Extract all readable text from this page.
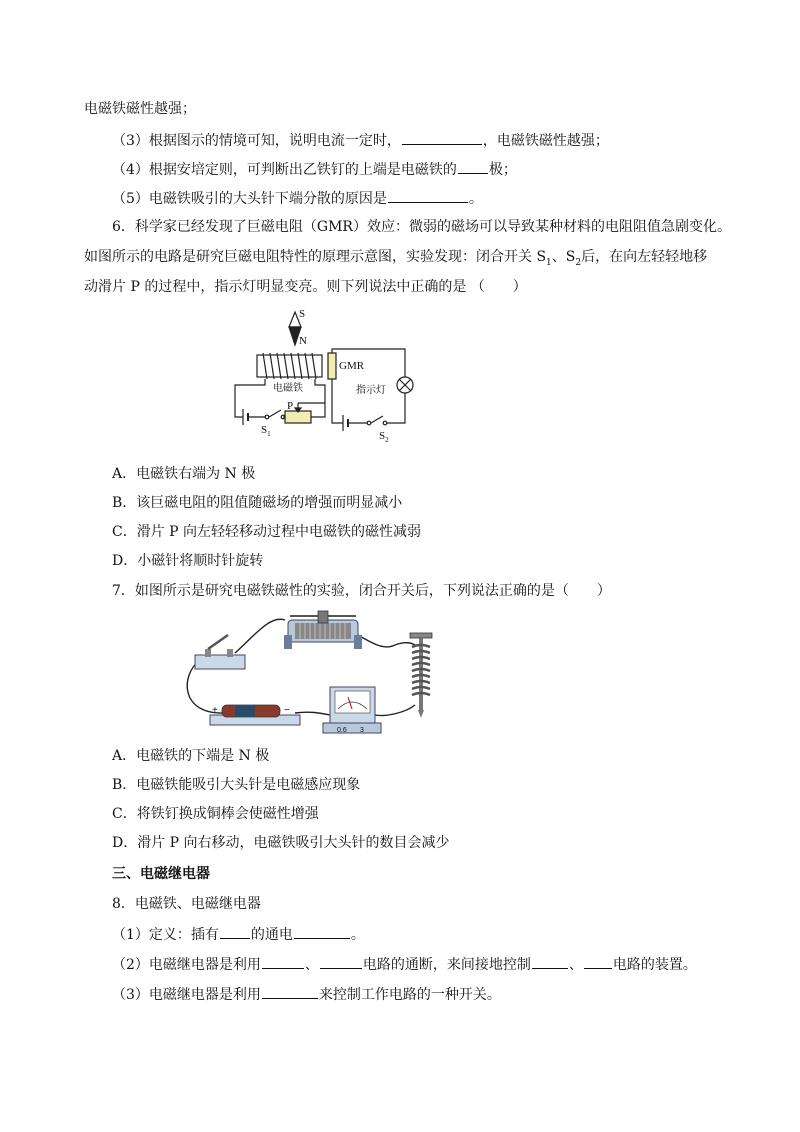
电磁铁磁性越强；
（3）根据图示的情境可知，说明电流一定时，	，电磁铁磁性越强；
（4）根据安培定则，可判断出乙铁钉的上端是电磁铁的 极；
（5）电磁铁吸引的大头针下端分散的原因是	。
6．科学家已经发现了巨磁电阻（GMR）效应：微弱的磁场可以导致某种材料的电阻阻值急剧变化。
如图所示的电路是研究巨磁电阻特性的原理示意图，实验发现：闭合开关 $S_1$、$S_2$后，在向左轻轻地移
动滑片 P 的过程中，指示灯明显变亮。则下列说法中正确的是 （　　）
S
N
GMR
电磁铁	指示灯
P
$S_1$	$S_2$
A．电磁铁右端为 N 极
B．该巨磁电阻的阻值随磁场的增强而明显减小
C．滑片 P 向左轻轻移动过程中电磁铁的磁性减弱
D．小磁针将顺时针旋转
7．如图所示是研究电磁铁磁性的实验，闭合开关后，下列说法正确的是（　　）
+	−
0.6 3
A．电磁铁的下端是 N 极
B．电磁铁能吸引大头针是电磁感应现象
C．将铁钉换成铜棒会使磁性增强
D．滑片 P 向右移动，电磁铁吸引大头针的数目会减少
三、电磁继电器
8．电磁铁、电磁继电器
（1）定义：插有 的通电	。
（2）电磁继电器是利用	、	电路的通断，来间接地控制	、 电路的装置。
（3）电磁继电器是利用	来控制工作电路的一种开关。
